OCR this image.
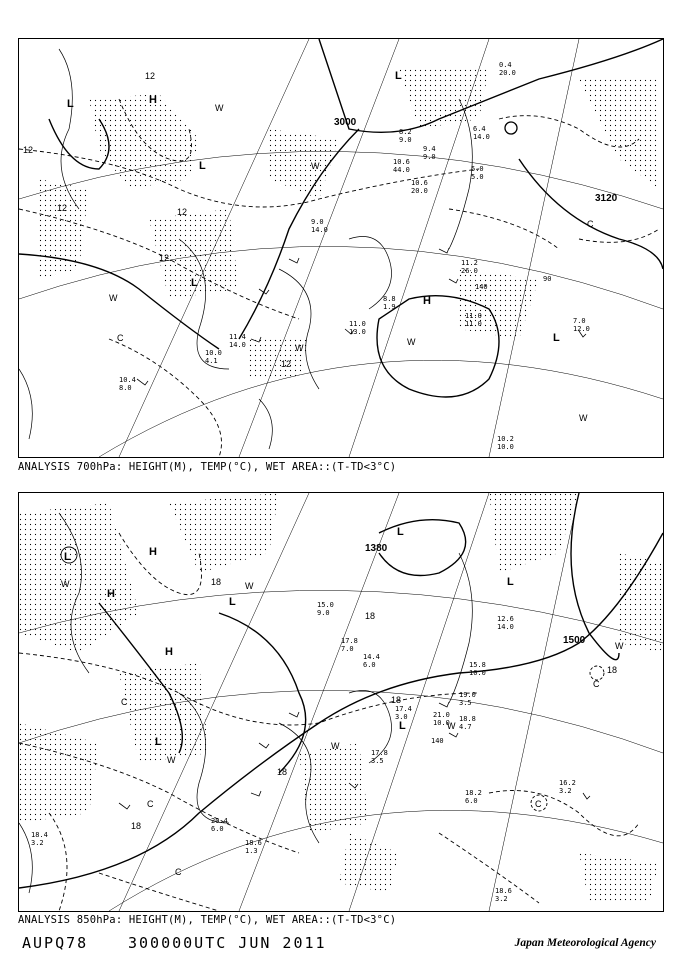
3000
3120
12
12
12	12
12
12
H
H
L
L
L
L
L
C
C
W
W
W
W
W
W
10.4
8.0
11.0
13.0
11.4
14.0
10.0
4.1
8.2
9.0
9.4
9.0
10.6
44.0
9.0
14.0
8.8
1.9
11.2
26.0
11.0
11.0	7.0
12.0
10.2
10.0
10.6
20.0
6.4
14.0
5.0
5.0
0.4
20.0
140
90
ANALYSIS 700hPa: HEIGHT(M), TEMP(°C), WET AREA::(T-TD<3°C)
1380
1500
18
18
18
18
18
18
H
H
H
L
L
L
L
L
L
C
C
C
C
C
W	W
W
W
W
W
18.4
3.2
20.4
6.0
18.6
1.3
17.8
3.5
18.2
6.0
19.0
3.5
18.8
4.7
16.2
3.2
15.8
10.0
17.8
7.0
12.6
14.0
15.0
9.0
18.6
3.2
21.0
10.0
17.4
3.0
14.4
6.0
140
ANALYSIS 850hPa: HEIGHT(M), TEMP(°C), WET AREA::(T-TD<3°C)
AUPQ78	300000UTC JUN 2011	Japan Meteorological Agency
